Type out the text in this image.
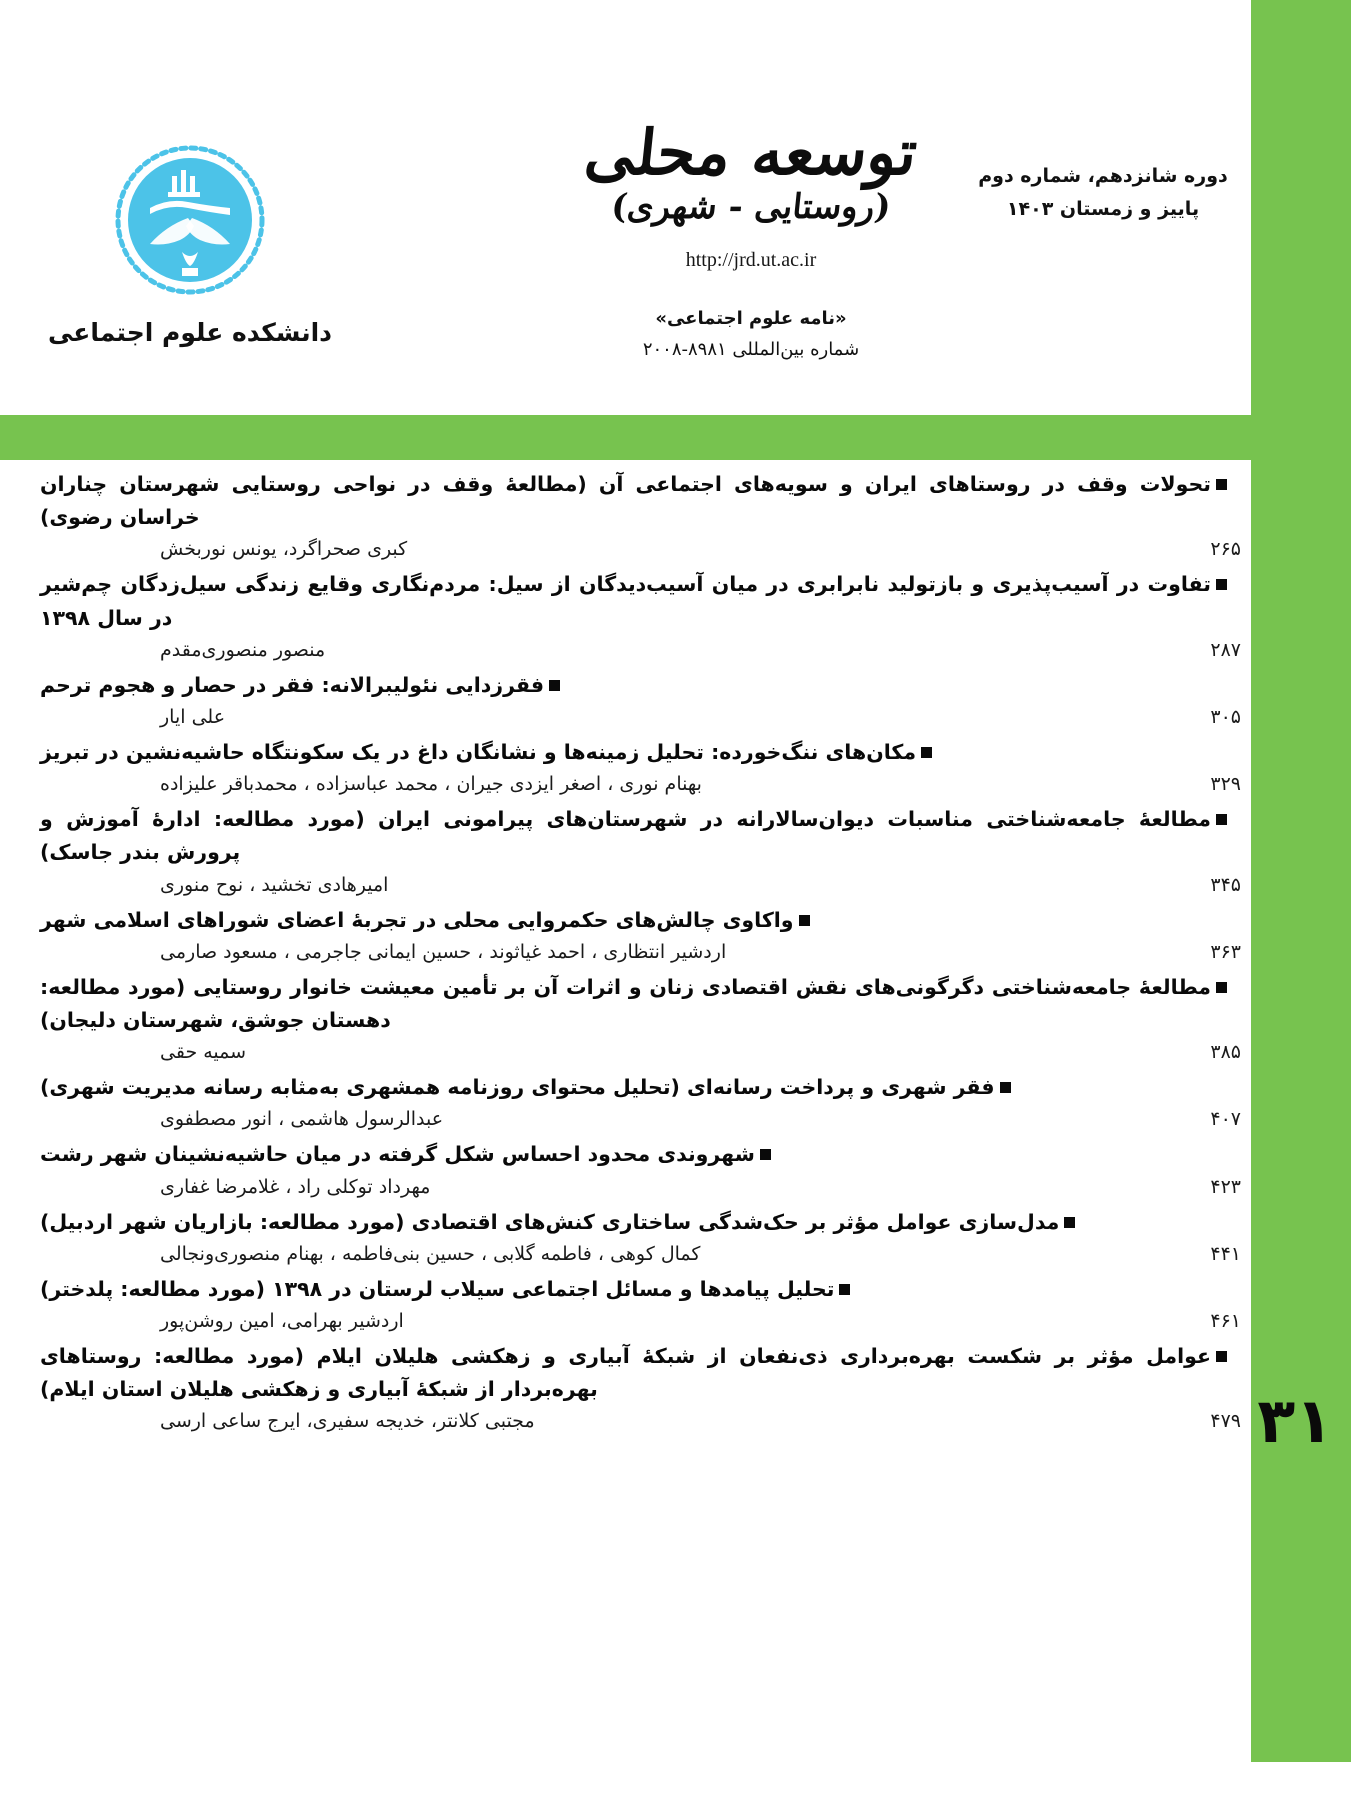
دوره شانزدهم، شماره دوم
پاییز و زمستان ۱۴۰۳
توسعه محلی
(روستایی - شهری)
http://jrd.ut.ac.ir
«نامه علوم اجتماعی»
شماره بین‌المللی ۸۹۸۱-۲۰۰۸
دانشکده علوم اجتماعی
تحولات وقف در روستاهای ایران و سویه‌های اجتماعی آن (مطالعۀ وقف در نواحی روستایی شهرستان چناران خراسان رضوی)
کبری صحراگرد، یونس نوربخش	۲۶۵
تفاوت در آسیب‌پذیری و بازتولید نابرابری در میان آسیب‌دیدگان از سیل: مردم‌نگاری وقایع زندگی سیل‌زدگان چم‌شیر در سال ۱۳۹۸
منصور منصوری‌مقدم	۲۸۷
فقرزدایی نئولیبرالانه: فقر در حصار و هجوم ترحم
علی ایار	۳۰۵
مکان‌های ننگ‌خورده: تحلیل زمینه‌ها و نشانگان داغ در یک سکونتگاه حاشیه‌نشین در تبریز
بهنام نوری ، اصغر ایزدی جیران ، محمد عباسزاده ، محمدباقر علیزاده	۳۲۹
مطالعۀ جامعه‌شناختی مناسبات دیوان‌سالارانه در شهرستان‌های پیرامونی ایران (مورد مطالعه: ادارۀ آموزش و پرورش بندر جاسک)
امیرهادی تخشید ، نوح منوری	۳۴۵
واکاوی چالش‌های حکمروایی محلی در تجربۀ اعضای شوراهای اسلامی شهر
اردشیر انتظاری ، احمد غیاثوند ، حسین ایمانی جاجرمی ، مسعود صارمی	۳۶۳
مطالعۀ جامعه‌شناختی دگرگونی‌های نقش اقتصادی زنان و اثرات آن بر تأمین معیشت خانوار روستایی (مورد مطالعه: دهستان جوشق، شهرستان دلیجان)
سمیه حقی	۳۸۵
فقر شهری و پرداخت رسانه‌ای (تحلیل محتوای روزنامه همشهری به‌مثابه رسانه مدیریت شهری)
عبدالرسول هاشمی ، انور مصطفوی	۴۰۷
شهروندی محدود احساس شکل گرفته در میان حاشیه‌نشینان شهر رشت
مهرداد توکلی راد ، غلامرضا غفاری	۴۲۳
مدل‌سازی عوامل مؤثر بر حک‌شدگی ساختاری کنش‌های اقتصادی (مورد مطالعه: بازاریان شهر اردبیل)
کمال کوهی ، فاطمه گلابی ، حسین بنی‌فاطمه ، بهنام منصوری‌ونجالی	۴۴۱
تحلیل پیامدها و مسائل اجتماعی سیلاب لرستان در ۱۳۹۸ (مورد مطالعه: پلدختر)
اردشیر بهرامی، امین روشن‌پور	۴۶۱
عوامل مؤثر بر شکست بهره‌برداری ذی‌نفعان از شبکۀ آبیاری و زهکشی هلیلان ایلام (مورد مطالعه: روستاهای بهره‌بردار از شبکۀ آبیاری و زهکشی هلیلان استان ایلام)
مجتبی کلانتر، خدیجه سفیری، ایرج ساعی ارسی	۴۷۹ ۳۱
